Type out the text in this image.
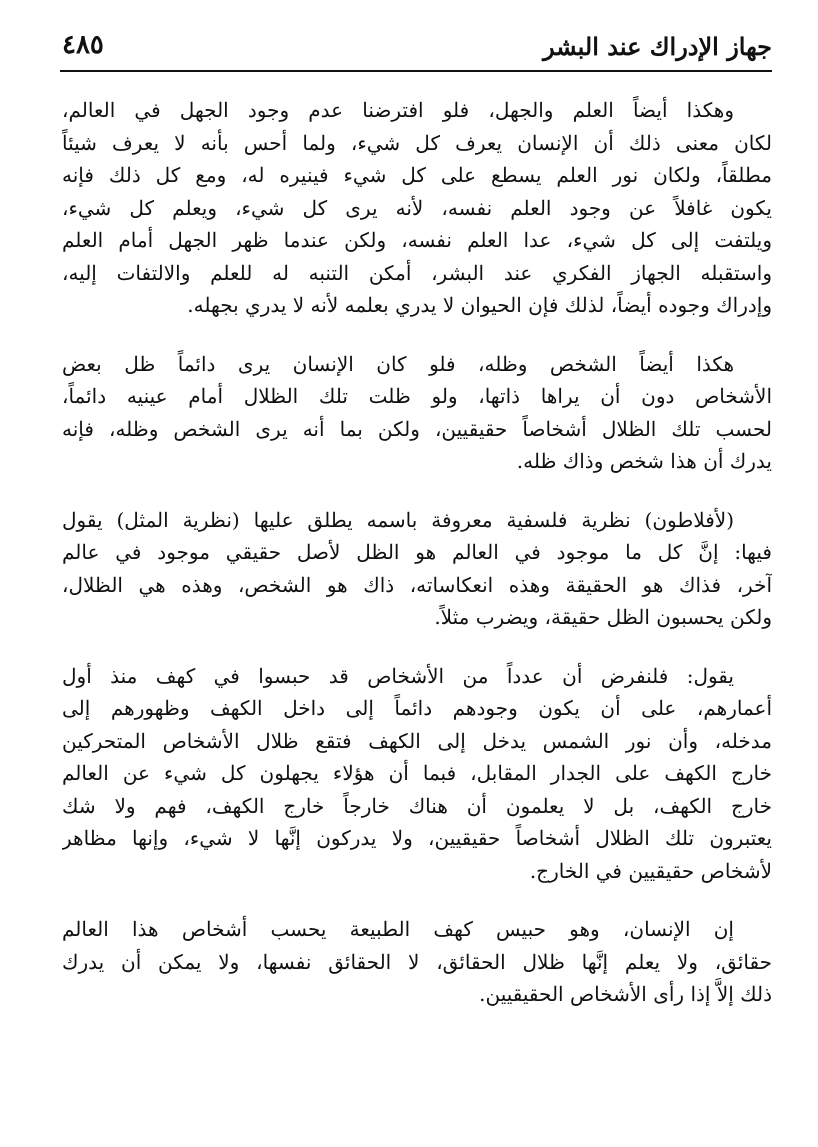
جهاز الإدراك عند البشر
٤٨٥

وهكذا أيضاً العلم والجهل، فلو افترضنا عدم وجود الجهل في العالم،
لكان معنى ذلك أن الإنسان يعرف كل شيء، ولما أحس بأنه لا يعرف شيئاً
مطلقاً، ولكان نور العلم يسطع على كل شيء فينيره له، ومع كل ذلك فإنه
يكون غافلاً عن وجود العلم نفسه، لأنه يرى كل شيء، ويعلم كل شيء،
ويلتفت إلى كل شيء، عدا العلم نفسه، ولكن عندما ظهر الجهل أمام العلم
واستقبله الجهاز الفكري عند البشر، أمكن التنبه له للعلم والالتفات إليه،
وإدراك وجوده أيضاً، لذلك فإن الحيوان لا يدري بعلمه لأنه لا يدري بجهله.

هكذا أيضاً الشخص وظله، فلو كان الإنسان يرى دائماً ظل بعض
الأشخاص دون أن يراها ذاتها، ولو ظلت تلك الظلال أمام عينيه دائماً،
لحسب تلك الظلال أشخاصاً حقيقيين، ولكن بما أنه يرى الشخص وظله، فإنه
يدرك أن هذا شخص وذاك ظله.

(لأفلاطون) نظرية فلسفية معروفة باسمه يطلق عليها (نظرية المثل) يقول
فيها: إنَّ كل ما موجود في العالم هو الظل لأصل حقيقي موجود في عالم
آخر، فذاك هو الحقيقة وهذه انعكاساته، ذاك هو الشخص، وهذه هي الظلال،
ولكن يحسبون الظل حقيقة، ويضرب مثلاً.

يقول: فلنفرض أن عدداً من الأشخاص قد حبسوا في كهف منذ أول
أعمارهم، على أن يكون وجودهم دائماً إلى داخل الكهف وظهورهم إلى
مدخله، وأن نور الشمس يدخل إلى الكهف فتقع ظلال الأشخاص المتحركين
خارج الكهف على الجدار المقابل، فبما أن هؤلاء يجهلون كل شيء عن العالم
خارج الكهف، بل لا يعلمون أن هناك خارجاً خارج الكهف، فهم ولا شك
يعتبرون تلك الظلال أشخاصاً حقيقيين، ولا يدركون إنَّها لا شيء، وإنها مظاهر
لأشخاص حقيقيين في الخارج.

إن الإنسان، وهو حبيس كهف الطبيعة يحسب أشخاص هذا العالم
حقائق، ولا يعلم إنَّها ظلال الحقائق، لا الحقائق نفسها، ولا يمكن أن يدرك
ذلك إلاَّ إذا رأى الأشخاص الحقيقيين.
